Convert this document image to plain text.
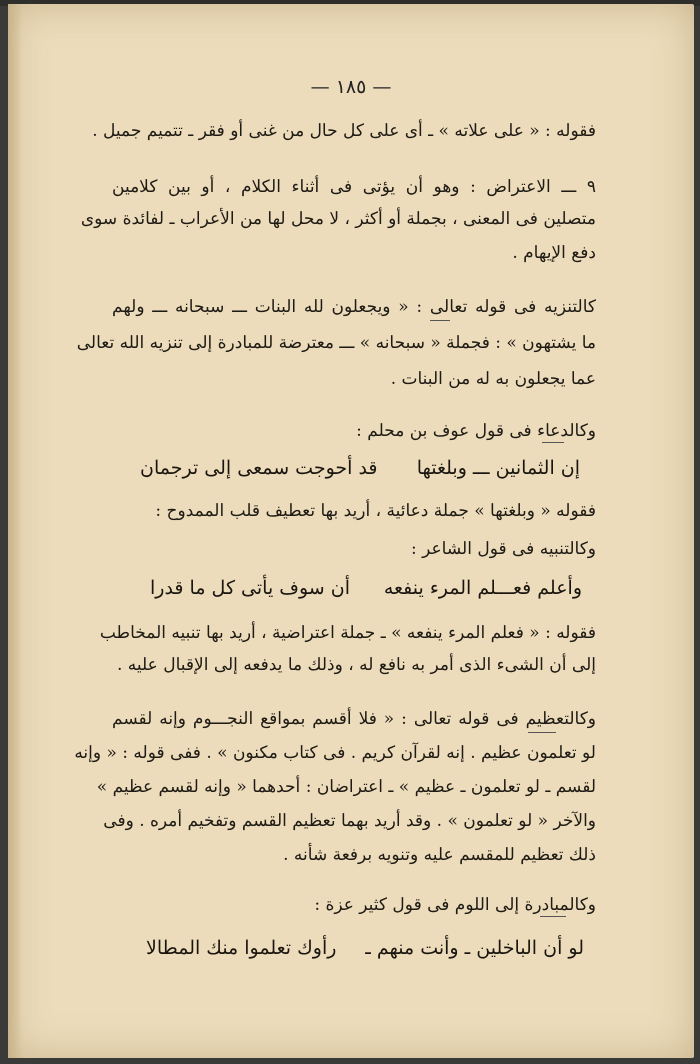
— ١٨٥ —
فقوله : « على علاته » ـ أى على كل حال من غنى أو فقر ـ تتميم جميل .
٩ ـــ الاعتراض : وهو أن يؤتى فى أثناء الكلام ، أو بين كلامين
متصلين فى المعنى ، بجملة أو أكثر ، لا محل لها من الأعراب ـ لفائدة سوى
دفع الإيهام .
كالتنزيه فى قوله تعالى : « ويجعلون لله البنات ـــ سبحانه ـــ ولهم
ما يشتهون » : فجملة « سبحانه » ـــ معترضة للمبادرة إلى تنزيه الله تعالى
عما يجعلون به له من البنات .
وكالدعاء فى قول عوف بن محلم :
إن الثمانين ـــ وبلغتها
قد أحوجت سمعى إلى ترجمان
فقوله « وبلغتها » جملة دعائية ، أريد بها تعطيف قلب الممدوح :
وكالتنبيه فى قول الشاعر :
وأعلم فعـــلم المرء ينفعه
أن سوف يأتى كل ما قدرا
فقوله : « فعلم المرء ينفعه » ـ جملة اعتراضية ، أريد بها تنبيه المخاطب
إلى أن الشىء الذى أمر به نافع له ، وذلك ما يدفعه إلى الإقبال عليه .
وكالتعظيم فى قوله تعالى : « فلا أقسم بمواقع النجـــوم وإنه لقسم
لو تعلمون عظيم . إنه لقرآن كريم . فى كتاب مكنون » . ففى قوله : « وإنه
لقسم ـ لو تعلمون ـ عظيم » ـ اعتراضان : أحدهما « وإنه لقسم عظيم »
والآخر « لو تعلمون » . وقد أريد بهما تعظيم القسم وتفخيم أمره . وفى
ذلك تعظيم للمقسم عليه وتنويه برفعة شأنه .
وكالمبادرة إلى اللوم فى قول كثير عزة :
لو أن الباخلين ـ وأنت منهم ـ
رأوك تعلموا منك المطالا
